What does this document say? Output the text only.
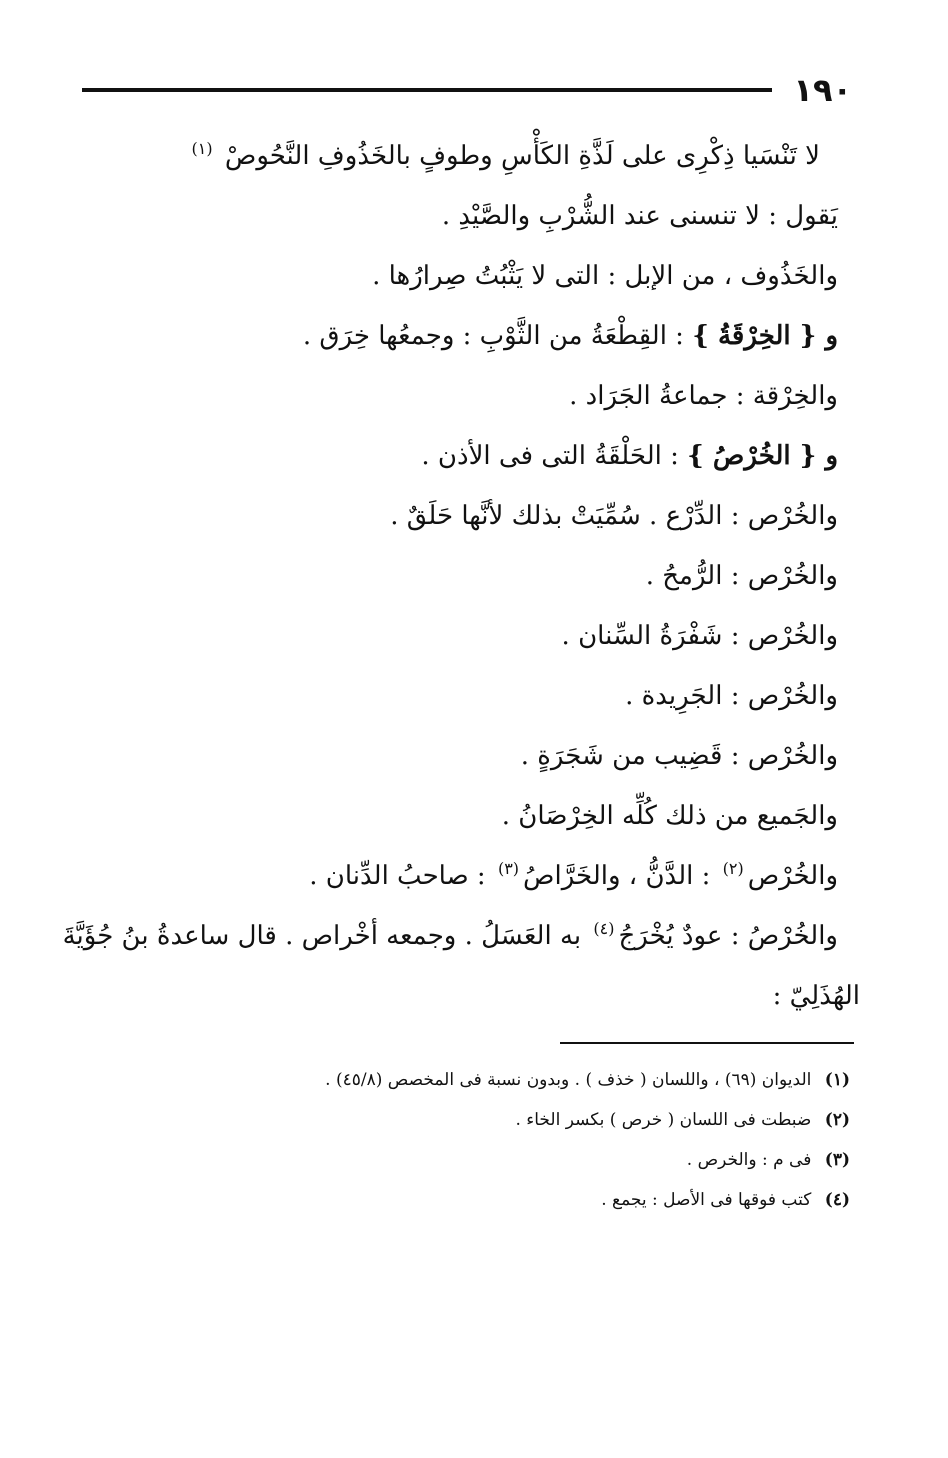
١٩٠
لا تَنْسَيا ذِكْرِى على لَذَّةِ الكَأْسِ وطوفٍ بالخَذُوفِ النَّحُوصْ $^{(١)}$
يَقول : لا تنسنى عند الشُّرْبِ والصَّيْدِ .
والخَذُوف ، من الإبل : التى لا يَثْبُتُ صِرارُها .
و { الخِرْقَةُ } : القِطْعَةُ من الثَّوْبِ : وجمعُها خِرَق .
والخِرْقة : جماعةُ الجَرَاد .
و { الخُرْصُ } : الحَلْقَةُ التى فى الأذن .
والخُرْص : الدِّرْع . سُمِّيَتْ بذلك لأنَّها حَلَقٌ .
والخُرْص : الرُّمحُ .
والخُرْص : شَفْرَةُ السِّنان .
والخُرْص : الجَرِيدة .
والخُرْص : قَضِيب من شَجَرَةٍ .
والجَميع من ذلك كُلِّه الخِرْصَانُ .
والخُرْص$^{(٢)}$ : الدَّنُّ ، والخَرَّاصُ$^{(٣)}$ : صاحبُ الدِّنان .
والخُرْصُ : عودٌ يُخْرَجُ$^{(٤)}$ به العَسَلُ . وجمعه أخْراص . قال ساعدةُ بنُ جُؤَيَّةَ
الهُذَلِيّ :
(١) الديوان (٦٩) ، واللسان ( خذف ) . وبدون نسبة فى المخصص (٤٥/٨) .
(٢) ضبطت فى اللسان ( خرص ) بكسر الخاء .
(٣) فى م : والخرص .
(٤) كتب فوقها فى الأصل : يجمع .
